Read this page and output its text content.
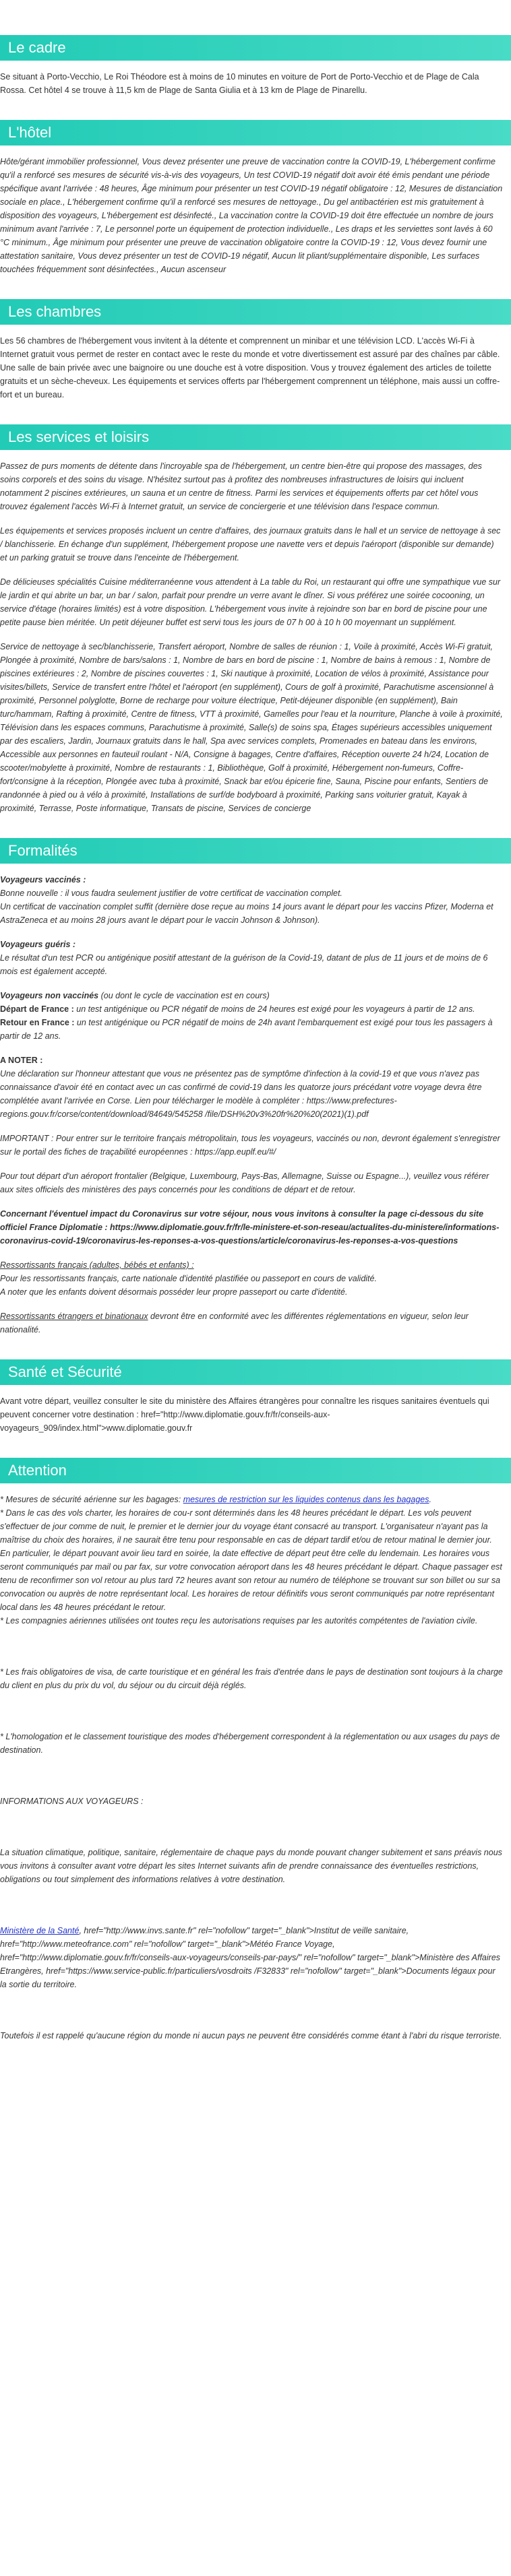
Le cadre

Se situant à Porto-Vecchio, Le Roi Théodore est à moins de 10 minutes en voiture de Port de Porto-Vecchio et de Plage de Cala Rossa. Cet hôtel 4 se trouve à 11,5 km de Plage de Santa Giulia et à 13 km de Plage de Pinarellu.

L'hôtel

Hôte/gérant immobilier professionnel, Vous devez présenter une preuve de vaccination contre la COVID-19, L'hébergement confirme qu'il a renforcé ses mesures de sécurité vis-à-vis des voyageurs, Un test COVID-19 négatif doit avoir été émis pendant une période spécifique avant l'arrivée : 48 heures, Âge minimum pour présenter un test COVID-19 négatif obligatoire : 12, Mesures de distanciation sociale en place., L'hébergement confirme qu'il a renforcé ses mesures de nettoyage., Du gel antibactérien est mis gratuitement à disposition des voyageurs, L'hébergement est désinfecté., La vaccination contre la COVID-19 doit être effectuée un nombre de jours minimum avant l'arrivée : 7, Le personnel porte un équipement de protection individuelle., Les draps et les serviettes sont lavés à 60 °C minimum., Âge minimum pour présenter une preuve de vaccination obligatoire contre la COVID-19 : 12, Vous devez fournir une attestation sanitaire, Vous devez présenter un test de COVID-19 négatif, Aucun lit pliant/supplémentaire disponible, Les surfaces touchées fréquemment sont désinfectées., Aucun ascenseur

Les chambres

Les 56 chambres de l'hébergement vous invitent à la détente et comprennent un minibar et une télévision LCD. L'accès Wi-Fi à Internet gratuit vous permet de rester en contact avec le reste du monde et votre divertissement est assuré par des chaînes par câble. Une salle de bain privée avec une baignoire ou une douche est à votre disposition. Vous y trouvez également des articles de toilette gratuits et un sèche-cheveux. Les équipements et services offerts par l'hébergement comprennent un téléphone, mais aussi un coffre-fort et un bureau.

Les services et loisirs

Passez de purs moments de détente dans l'incroyable spa de l'hébergement, un centre bien-être qui propose des massages, des soins corporels et des soins du visage. N'hésitez surtout pas à profitez des nombreuses infrastructures de loisirs qui incluent notamment 2 piscines extérieures, un sauna et un centre de fitness. Parmi les services et équipements offerts par cet hôtel vous trouvez également l'accès Wi-Fi à Internet gratuit, un service de conciergerie et une télévision dans l'espace commun.

Les équipements et services proposés incluent un centre d'affaires, des journaux gratuits dans le hall et un service de nettoyage à sec / blanchisserie. En échange d'un supplément, l'hébergement propose une navette vers et depuis l'aéroport (disponible sur demande) et un parking gratuit se trouve dans l'enceinte de l'hébergement.

De délicieuses spécialités Cuisine méditerranéenne vous attendent à La table du Roi, un restaurant qui offre une sympathique vue sur le jardin et qui abrite un bar, un bar / salon, parfait pour prendre un verre avant le dîner. Si vous préférez une soirée cocooning, un service d'étage (horaires limités) est à votre disposition. L'hébergement vous invite à rejoindre son bar en bord de piscine pour une petite pause bien méritée. Un petit déjeuner buffet est servi tous les jours de 07 h 00 à 10 h 00 moyennant un supplément.

Service de nettoyage à sec/blanchisserie, Transfert aéroport, Nombre de salles de réunion : 1, Voile à proximité, Accès Wi-Fi gratuit, Plongée à proximité, Nombre de bars/salons : 1, Nombre de bars en bord de piscine : 1, Nombre de bains à remous : 1, Nombre de piscines extérieures : 2, Nombre de piscines couvertes : 1, Ski nautique à proximité, Location de vélos à proximité, Assistance pour visites/billets, Service de transfert entre l'hôtel et l'aéroport (en supplément), Cours de golf à proximité, Parachutisme ascensionnel à proximité, Personnel polyglotte, Borne de recharge pour voiture électrique, Petit-déjeuner disponible (en supplément), Bain turc/hammam, Rafting à proximité, Centre de fitness, VTT à proximité, Gamelles pour l'eau et la nourriture, Planche à voile à proximité, Télévision dans les espaces communs, Parachutisme à proximité, Salle(s) de soins spa, Étages supérieurs accessibles uniquement par des escaliers, Jardin, Journaux gratuits dans le hall, Spa avec services complets, Promenades en bateau dans les environs, Accessible aux personnes en fauteuil roulant - N/A, Consigne à bagages, Centre d'affaires, Réception ouverte 24 h/24, Location de scooter/mobylette à proximité, Nombre de restaurants : 1, Bibliothèque, Golf à proximité, Hébergement non-fumeurs, Coffre-fort/consigne à la réception, Plongée avec tuba à proximité, Snack bar et/ou épicerie fine, Sauna, Piscine pour enfants, Sentiers de randonnée à pied ou à vélo à proximité, Installations de surf/de bodyboard à proximité, Parking sans voiturier gratuit, Kayak à proximité, Terrasse, Poste informatique, Transats de piscine, Services de concierge

Formalités

Voyageurs vaccinés :
Bonne nouvelle : il vous faudra seulement justifier de votre certificat de vaccination complet.
Un certificat de vaccination complet suffit (dernière dose reçue au moins 14 jours avant le départ pour les vaccins Pfizer, Moderna et AstraZeneca et au moins 28 jours avant le départ pour le vaccin Johnson & Johnson).

Voyageurs guéris :
Le résultat d'un test PCR ou antigénique positif attestant de la guérison de la Covid-19, datant de plus de 11 jours et de moins de 6 mois est également accepté.

Voyageurs non vaccinés (ou dont le cycle de vaccination est en cours)
Départ de France : un test antigénique ou PCR négatif de moins de 24 heures est exigé pour les voyageurs à partir de 12 ans.
Retour en France : un test antigénique ou PCR négatif de moins de 24h avant l'embarquement est exigé pour tous les passagers à partir de 12 ans.

A NOTER :
Une déclaration sur l'honneur attestant que vous ne présentez pas de symptôme d'infection à la covid-19 et que vous n'avez pas connaissance d'avoir été en contact avec un cas confirmé de covid-19 dans les quatorze jours précédant votre voyage devra être complétée avant l'arrivée en Corse. Lien pour télécharger le modèle à compléter : https://www.prefectures-regions.gouv.fr/corse/content/download/84649/545258 /file/DSH%20v3%20fr%20%20(2021)(1).pdf

IMPORTANT : Pour entrer sur le territoire français métropolitain, tous les voyageurs, vaccinés ou non, devront également s'enregistrer sur le portail des fiches de traçabilité européennes : https://app.euplf.eu/#/

Pour tout départ d'un aéroport frontalier (Belgique, Luxembourg, Pays-Bas, Allemagne, Suisse ou Espagne...), veuillez vous référer aux sites officiels des ministères des pays concernés pour les conditions de départ et de retour.

Concernant l'éventuel impact du Coronavirus sur votre séjour, nous vous invitons à consulter la page ci-dessous du site officiel France Diplomatie : https://www.diplomatie.gouv.fr/fr/le-ministere-et-son-reseau/actualites-du-ministere/informations-coronavirus-covid-19/coronavirus-les-reponses-a-vos-questions/article/coronavirus-les-reponses-a-vos-questions

Ressortissants français (adultes, bébés et enfants) :
Pour les ressortissants français, carte nationale d'identité plastifiée ou passeport en cours de validité.
A noter que les enfants doivent désormais posséder leur propre passeport ou carte d'identité.

Ressortissants étrangers et binationaux devront être en conformité avec les différentes réglementations en vigueur, selon leur nationalité.

Santé et Sécurité

Avant votre départ, veuillez consulter le site du ministère des Affaires étrangères pour connaître les risques sanitaires éventuels qui peuvent concerner votre destination : href="http://www.diplomatie.gouv.fr/fr/conseils-aux-voyageurs_909/index.html">www.diplomatie.gouv.fr

Attention

* Mesures de sécurité aérienne sur les bagages: mesures de restriction sur les liquides contenus dans les bagages.
* Dans le cas des vols charter, les horaires de cou-r sont déterminés dans les 48 heures précédant le départ. Les vols peuvent s'effectuer de jour comme de nuit, le premier et le dernier jour du voyage étant consacré au transport. L'organisateur n'ayant pas la maîtrise du choix des horaires, il ne saurait être tenu pour responsable en cas de départ tardif et/ou de retour matinal le dernier jour. En particulier, le départ pouvant avoir lieu tard en soirée, la date effective de départ peut être celle du lendemain. Les horaires vous seront communiqués par mail ou par fax, sur votre convocation aéroport dans les 48 heures précédant le départ. Chaque passager est tenu de reconfirmer son vol retour au plus tard 72 heures avant son retour au numéro de téléphone se trouvant sur son billet ou sur sa convocation ou auprès de notre représentant local. Les horaires de retour définitifs vous seront communiqués par notre représentant local dans les 48 heures précédant le retour.
* Les compagnies aériennes utilisées ont toutes reçu les autorisations requises par les autorités compétentes de l'aviation civile.

* Les frais obligatoires de visa, de carte touristique et en général les frais d'entrée dans le pays de destination sont toujours à la charge du client en plus du prix du vol, du séjour ou du circuit déjà réglés.

* L'homologation et le classement touristique des modes d'hébergement correspondent à la réglementation ou aux usages du pays de destination.

INFORMATIONS AUX VOYAGEURS :

La situation climatique, politique, sanitaire, réglementaire de chaque pays du monde pouvant changer subitement et sans préavis nous vous invitons à consulter avant votre départ les sites Internet suivants afin de prendre connaissance des éventuelles restrictions, obligations ou tout simplement des informations relatives à votre destination.

Ministère de la Santé, href="http://www.invs.sante.fr" rel="nofollow" target="_blank">Institut de veille sanitaire, href="http://www.meteofrance.com" rel="nofollow" target="_blank">Météo France Voyage, href="http://www.diplomatie.gouv.fr/fr/conseils-aux-voyageurs/conseils-par-pays/" rel="nofollow" target="_blank">Ministère des Affaires Etrangères, href="https://www.service-public.fr/particuliers/vosdroits /F32833" rel="nofollow" target="_blank">Documents légaux pour la sortie du territoire.

Toutefois il est rappelé qu'aucune région du monde ni aucun pays ne peuvent être considérés comme étant à l'abri du risque terroriste.
